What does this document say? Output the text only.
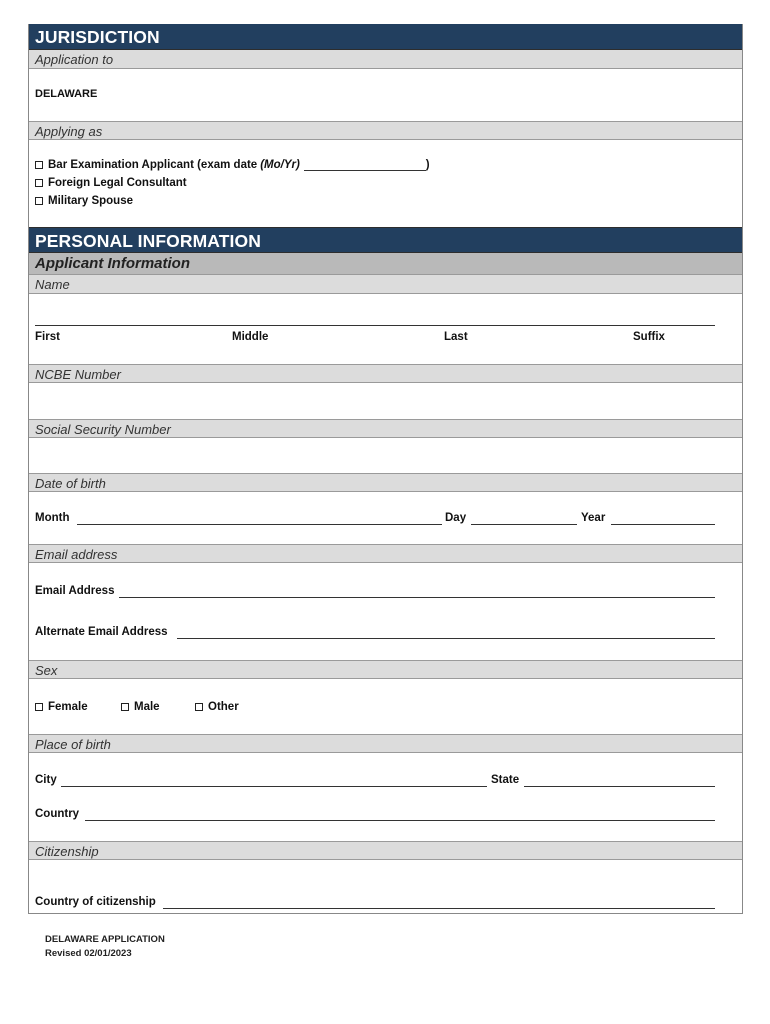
JURISDICTION
Application to
DELAWARE
Applying as
Bar Examination Applicant (exam date (Mo/Yr)	)
Foreign Legal Consultant
Military Spouse
PERSONAL INFORMATION
Applicant Information
Name
First	Middle	Last	Suffix
NCBE Number
Social Security Number
Date of birth
Month	Day	Year
Email address
Email Address
Alternate Email Address
Sex
Female	Male	Other
Place of birth
City	State
Country
Citizenship
Country of citizenship
DELAWARE APPLICATION
Revised 02/01/2023
